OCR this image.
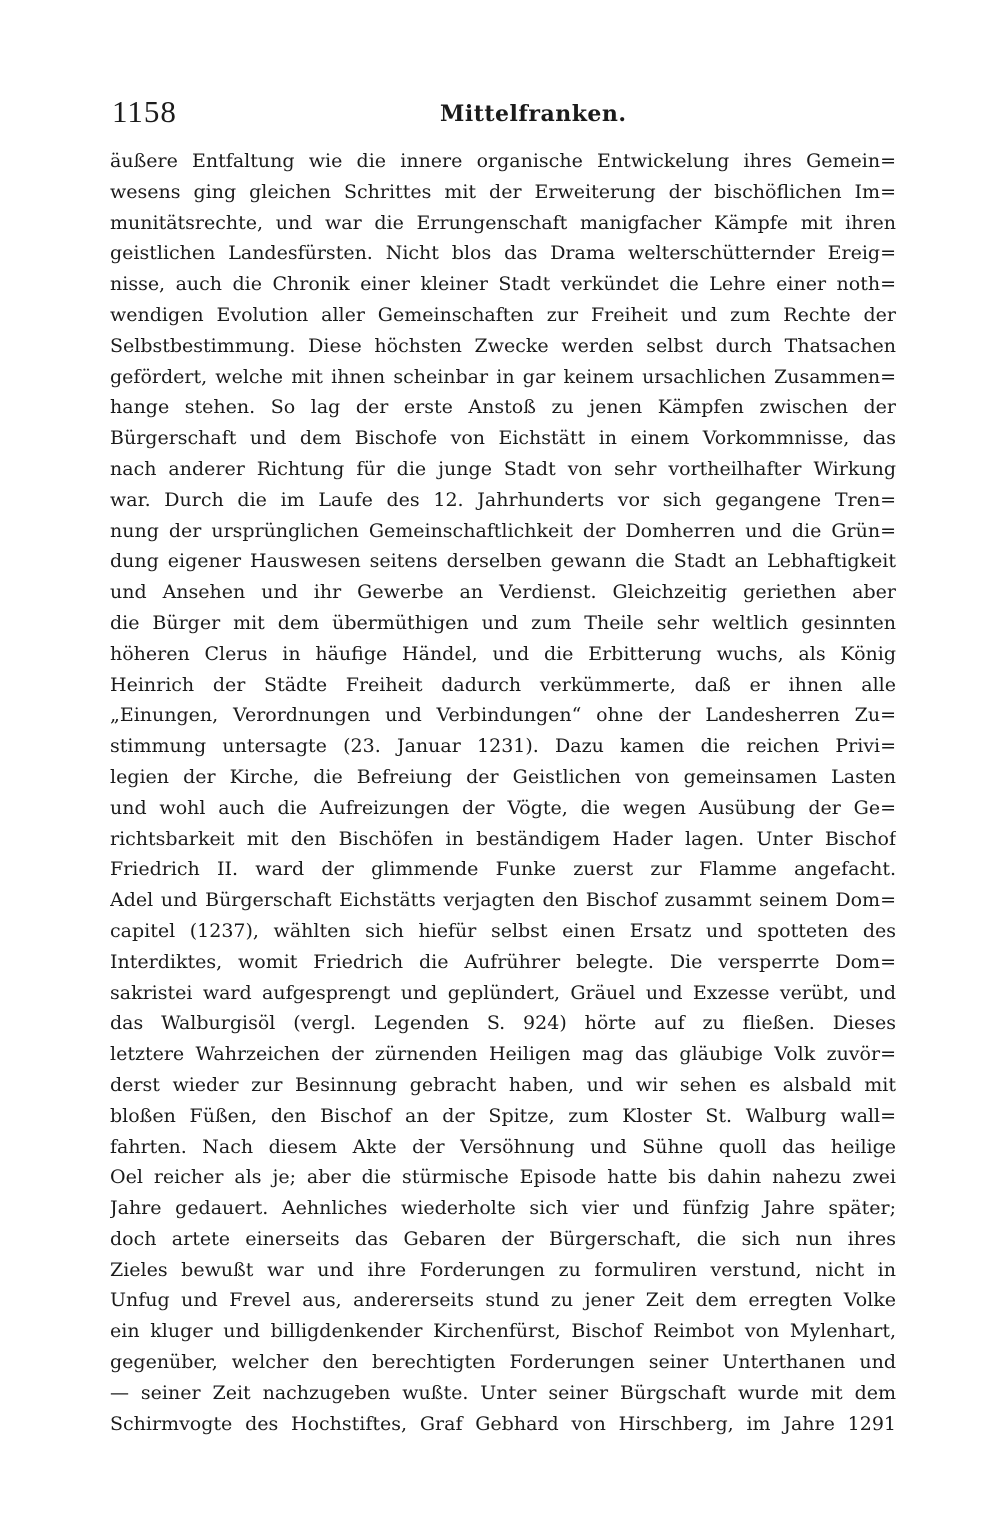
1158	Mittelfranken.
äußere Entfaltung wie die innere organische Entwickelung ihres Gemein=
wesens ging gleichen Schrittes mit der Erweiterung der bischöflichen Im=
munitätsrechte, und war die Errungenschaft manigfacher Kämpfe mit ihren
geistlichen Landesfürsten. Nicht blos das Drama welterschütternder Ereig=
nisse, auch die Chronik einer kleiner Stadt verkündet die Lehre einer noth=
wendigen Evolution aller Gemeinschaften zur Freiheit und zum Rechte der
Selbstbestimmung. Diese höchsten Zwecke werden selbst durch Thatsachen
gefördert, welche mit ihnen scheinbar in gar keinem ursachlichen Zusammen=
hange stehen. So lag der erste Anstoß zu jenen Kämpfen zwischen der
Bürgerschaft und dem Bischofe von Eichstätt in einem Vorkommnisse, das
nach anderer Richtung für die junge Stadt von sehr vortheilhafter Wirkung
war. Durch die im Laufe des 12. Jahrhunderts vor sich gegangene Tren=
nung der ursprünglichen Gemeinschaftlichkeit der Domherren und die Grün=
dung eigener Hauswesen seitens derselben gewann die Stadt an Lebhaftigkeit
und Ansehen und ihr Gewerbe an Verdienst. Gleichzeitig geriethen aber
die Bürger mit dem übermüthigen und zum Theile sehr weltlich gesinnten
höheren Clerus in häufige Händel, und die Erbitterung wuchs, als König
Heinrich der Städte Freiheit dadurch verkümmerte, daß er ihnen alle
„Einungen, Verordnungen und Verbindungen“ ohne der Landesherren Zu=
stimmung untersagte (23. Januar 1231). Dazu kamen die reichen Privi=
legien der Kirche, die Befreiung der Geistlichen von gemeinsamen Lasten
und wohl auch die Aufreizungen der Vögte, die wegen Ausübung der Ge=
richtsbarkeit mit den Bischöfen in beständigem Hader lagen. Unter Bischof
Friedrich II. ward der glimmende Funke zuerst zur Flamme angefacht.
Adel und Bürgerschaft Eichstätts verjagten den Bischof zusammt seinem Dom=
capitel (1237), wählten sich hiefür selbst einen Ersatz und spotteten des
Interdiktes, womit Friedrich die Aufrührer belegte. Die versperrte Dom=
sakristei ward aufgesprengt und geplündert, Gräuel und Exzesse verübt, und
das Walburgisöl (vergl. Legenden S. 924) hörte auf zu fließen. Dieses
letztere Wahrzeichen der zürnenden Heiligen mag das gläubige Volk zuvör=
derst wieder zur Besinnung gebracht haben, und wir sehen es alsbald mit
bloßen Füßen, den Bischof an der Spitze, zum Kloster St. Walburg wall=
fahrten. Nach diesem Akte der Versöhnung und Sühne quoll das heilige
Oel reicher als je; aber die stürmische Episode hatte bis dahin nahezu zwei
Jahre gedauert. Aehnliches wiederholte sich vier und fünfzig Jahre später;
doch artete einerseits das Gebaren der Bürgerschaft, die sich nun ihres
Zieles bewußt war und ihre Forderungen zu formuliren verstund, nicht in
Unfug und Frevel aus, andererseits stund zu jener Zeit dem erregten Volke
ein kluger und billigdenkender Kirchenfürst, Bischof Reimbot von Mylenhart,
gegenüber, welcher den berechtigten Forderungen seiner Unterthanen und
— seiner Zeit nachzugeben wußte. Unter seiner Bürgschaft wurde mit dem
Schirmvogte des Hochstiftes, Graf Gebhard von Hirschberg, im Jahre 1291
